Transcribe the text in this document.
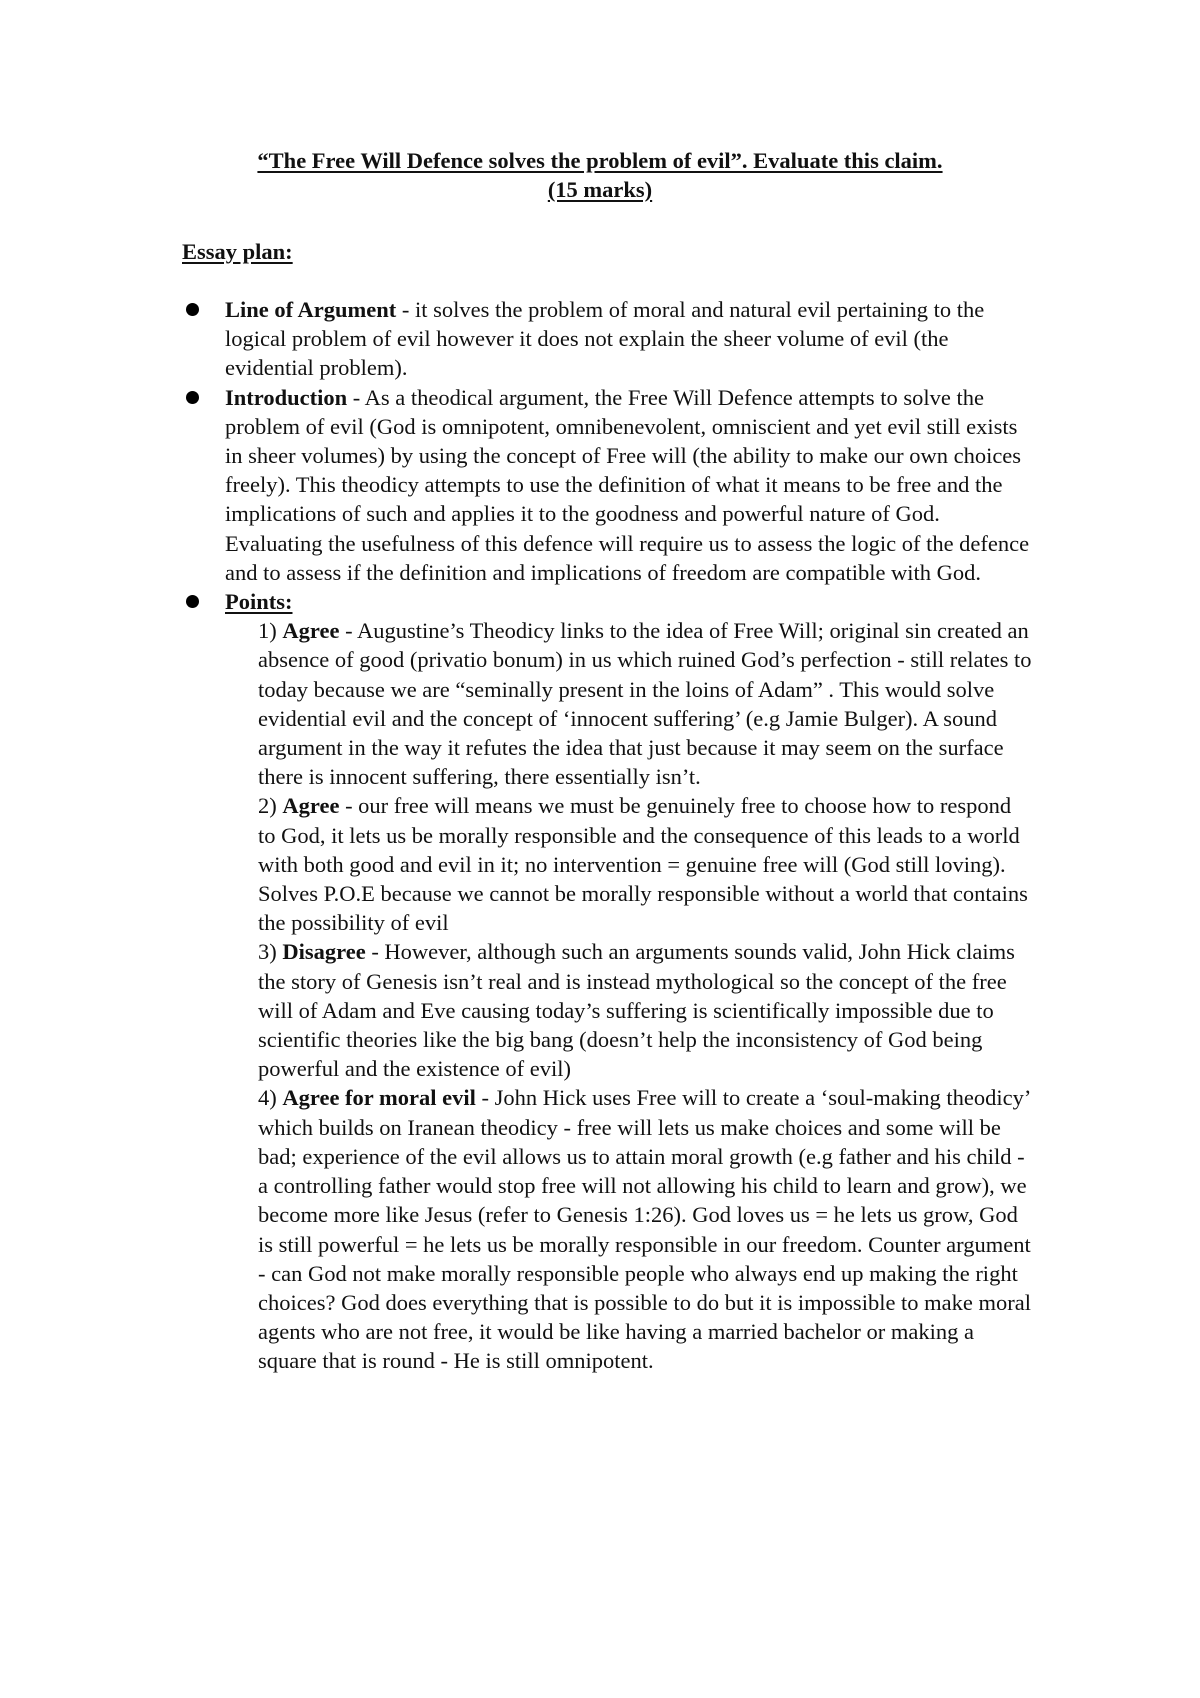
“The Free Will Defence solves the problem of evil”. Evaluate this claim.
(15 marks)
Essay plan:
Line of Argument - it solves the problem of moral and natural evil pertaining to the logical problem of evil however it does not explain the sheer volume of evil (the evidential problem).
Introduction - As a theodical argument, the Free Will Defence attempts to solve the problem of evil (God is omnipotent, omnibenevolent, omniscient and yet evil still exists in sheer volumes) by using the concept of Free will (the ability to make our own choices freely). This theodicy attempts to use the definition of what it means to be free and the implications of such and applies it to the goodness and powerful nature of God. Evaluating the usefulness of this defence will require us to assess the logic of the defence and to assess if the definition and implications of freedom are compatible with God.
Points:
1) Agree - Augustine’s Theodicy links to the idea of Free Will; original sin created an absence of good (privatio bonum) in us which ruined God’s perfection - still relates to today because we are “seminally present in the loins of Adam” . This would solve evidential evil and the concept of ‘innocent suffering’ (e.g Jamie Bulger). A sound argument in the way it refutes the idea that just because it may seem on the surface there is innocent suffering, there essentially isn’t.
2) Agree - our free will means we must be genuinely free to choose how to respond to God, it lets us be morally responsible and the consequence of this leads to a world with both good and evil in it; no intervention = genuine free will (God still loving). Solves P.O.E because we cannot be morally responsible without a world that contains the possibility of evil
3) Disagree - However, although such an arguments sounds valid, John Hick claims the story of Genesis isn’t real and is instead mythological so the concept of the free will of Adam and Eve causing today’s suffering is scientifically impossible due to scientific theories like the big bang (doesn’t help the inconsistency of God being powerful and the existence of evil)
4) Agree for moral evil - John Hick uses Free will to create a ‘soul-making theodicy’ which builds on Iranean theodicy - free will lets us make choices and some will be bad; experience of the evil allows us to attain moral growth (e.g father and his child - a controlling father would stop free will not allowing his child to learn and grow), we become more like Jesus (refer to Genesis 1:26). God loves us = he lets us grow, God is still powerful = he lets us be morally responsible in our freedom. Counter argument - can God not make morally responsible people who always end up making the right choices? God does everything that is possible to do but it is impossible to make moral agents who are not free, it would be like having a married bachelor or making a square that is round - He is still omnipotent.
